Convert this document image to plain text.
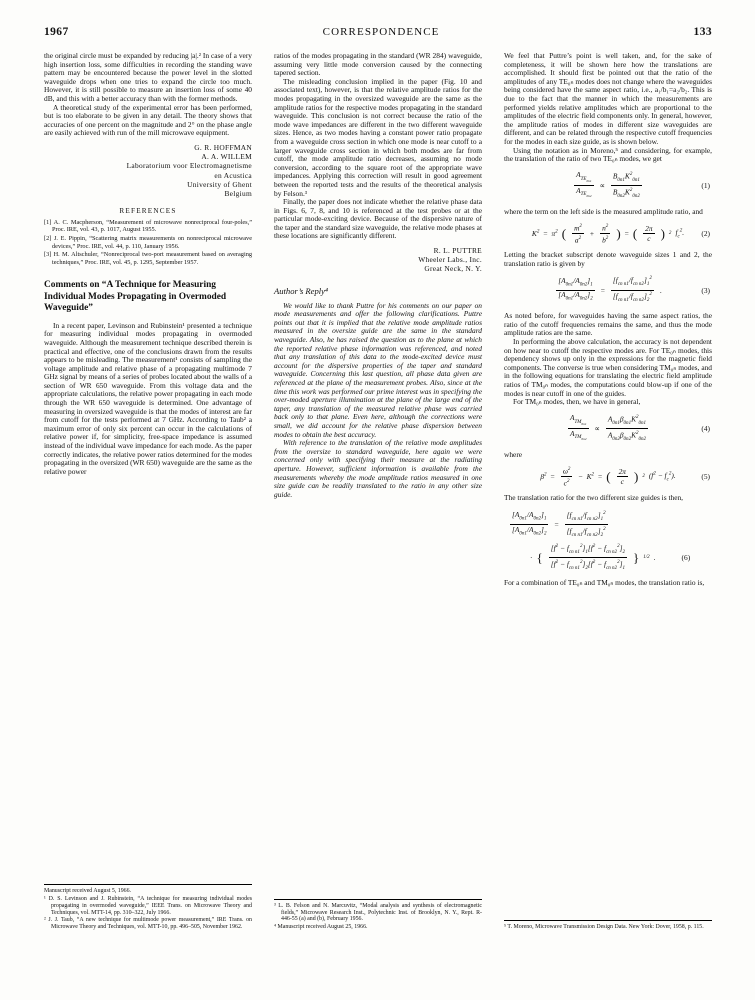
1967	CORRESPONDENCE	133

the original circle must be expanded by reducing |a|.² In case of a very high insertion loss, some difficulties in recording the standing wave pattern may be encountered because the power level in the slotted waveguide drops when one tries to expand the circle too much. However, it is still possible to measure an insertion loss of some 40 dB, and this with a better accuracy than with the former methods.

A theoretical study of the experimental error has been performed, but is too elaborate to be given in any detail. The theory shows that accuracies of one percent on the magnitude and 2° on the phase angle are easily achieved with run of the mill microwave equipment.

G. R. HOFFMAN
A. A. WILLEM
Laboratorium voor Electromagnetisme
en Acustica
University of Ghent
Belgium
REFERENCES
[1] A. C. Macpherson, “Measurement of microwave nonreciprocal four-poles,” Proc. IRE, vol. 43, p. 1017, August 1955.
[2] J. E. Pippin, “Scattering matrix measurements on nonreciprocal microwave devices,” Proc. IRE, vol. 44, p. 110, January 1956.
[3] H. M. Altschuler, “Nonreciprocal two-port measurement based on averaging techniques,” Proc. IRE, vol. 45, p. 1295, September 1957.
Comments on “A Technique for Measuring Individual Modes Propagating in Overmoded Waveguide”

In a recent paper, Levinson and Rubinstein¹ presented a technique for measuring individual modes propagating in overmoded waveguide. Although the measurement technique described therein is practical and effective, one of the conclusions drawn from the results appears to be misleading. The measurement¹ consists of sampling the voltage amplitude and relative phase of a propagating multimode 7 GHz signal by means of a series of probes located about the walls of a section of WR 650 waveguide. From this voltage data and the appropriate calculations, the relative power propagating in each mode through the WR 650 waveguide is determined. One advantage of measuring in oversized waveguide is that the modes of interest are far from cutoff for the tests performed at 7 GHz. According to Taub² a maximum error of only six percent can occur in the calculations of relative power if, for simplicity, free-space impedance is assumed instead of the individual wave impedance for each mode. As the paper correctly indicates, the relative power ratios determined for the modes propagating in the oversized (WR 650) waveguide are the same as the relative power

Manuscript received August 5, 1966.
¹ D. S. Levinson and J. Rubinstein, “A technique for measuring individual modes propagating in overmoded waveguide,” IEEE Trans. on Microwave Theory and Techniques, vol. MTT-14, pp. 310–322, July 1966.
² J. J. Taub, “A new technique for multimode power measurement,” IRE Trans. on Microwave Theory and Techniques, vol. MTT-10, pp. 496–505, November 1962.

ratios of the modes propagating in the standard (WR 284) waveguide, assuming very little mode conversion caused by the connecting tapered section.

The misleading conclusion implied in the paper (Fig. 10 and associated text), however, is that the relative amplitude ratios for the modes propagating in the oversized waveguide are the same as the amplitude ratios for the respective modes propagating in the standard waveguide. This conclusion is not correct because the ratio of the mode wave impedances are different in the two different waveguide sizes. Hence, as two modes having a constant power ratio propagate from a waveguide cross section in which one mode is near cutoff to a larger waveguide cross section in which both modes are far from cutoff, the mode amplitude ratio decreases, assuming no mode conversion, according to the square root of the appropriate wave impedances. Applying this correction will result in good agreement between the reported tests and the results of the theoretical analysis by Felson.³

Finally, the paper does not indicate whether the relative phase data in Figs. 6, 7, 8, and 10 is referenced at the test probes or at the particular mode-exciting device. Because of the dispersive nature of the taper and the standard size waveguide, the relative mode phases at these locations are significantly different.

R. L. PUTTRE
Wheeler Labs., Inc.
Great Neck, N. Y.
Author’s Reply⁴

We would like to thank Puttre for his comments on our paper on mode measurements and offer the following clarifications. Puttre points out that it is implied that the relative mode amplitude ratios measured in the oversize guide are the same in the standard waveguide. Also, he has raised the question as to the plane at which the reported relative phase information was referenced, and noted that any translation of this data to the mode-excited device must account for the dispersive properties of the taper and standard waveguide. Concerning this last question, all phase data given are referenced at the plane of the measurement probes. Also, since at the time this work was performed our prime interest was in specifying the over-moded aperture illumination at the plane of the large end of the taper, any translation of the measured relative phase was carried back only to that plane. Even here, although the corrections were small, we did account for the relative phase dispersion between modes to obtain the best accuracy.

With reference to the translation of the relative mode amplitudes from the oversize to standard waveguide, here again we were concerned only with specifying their measure at the radiating aperture. However, sufficient information is available from the measurements whereby the mode amplitude ratios measured in one size guide can be readily translated to the ratio in any other size guide.

³ L. B. Felson and N. Marcuvitz, “Modal analysis and synthesis of electromagnetic fields,” Microwave Research Inst., Polytechnic Inst. of Brooklyn, N. Y., Rept. R-446-55 (a) and (b), February 1956.
⁴ Manuscript received August 25, 1966.

We feel that Puttre’s point is well taken, and, for the sake of completeness, it will be shown here how the translations are accomplished. It should first be pointed out that the ratio of the amplitudes of any TE₀ₙ modes does not change where the waveguides being considered have the same aspect ratio, i.e., a₁/b₁=a₂/b₂. This is due to the fact that the manner in which the measurements are performed yields relative amplitudes which are proportional to the amplitudes of the electric field components only. In general, however, the amplitude ratios of modes in different size waveguides are different, and can be related through the respective cutoff frequencies for the modes in each size guide, as is shown below.

Using the notation as in Moreno,⁵ and considering, for example, the translation of the ratio of two TE₀ₙ modes, we get

$\frac{A_{TE_{0n1}}}{A_{TE_{0n2}}} \propto \frac{B_{0n1}K^2_{0n1}}{B_{0n2}K^2_{0n2}}$	(1)

where the term on the left side is the measured amplitude ratio, and

$K^2 = \pi^2$ ( $\frac{m^2}{a^2} + \frac{n^2}{b^2}$ ) = ( $\frac{2\pi}{c}$ ) 2 $f_c^2$. (2)

Letting the bracket subscript denote waveguide sizes 1 and 2, the translation ratio is given by

$\frac{[A_{0n1}/A_{0n2}]_1}{[A_{0n1}/A_{0n2}]_2} = \frac{[f_{cn n1}/f_{cn n2}]_1^2}{[f_{cn n1}/f_{cn n2}]_2^2}$ .	(3)

As noted before, for waveguides having the same aspect ratios, the ratio of the cutoff frequencies remains the same, and thus the mode amplitude ratios are the same.

In performing the above calculation, the accuracy is not dependent on how near to cutoff the respective modes are. For TE₀ₙ modes, this dependency shows up only in the expressions for the magnetic field components. The converse is true when considering TM₀ₙ modes, and in the following equations for translating the electric field amplitude ratios of TM₀ₙ modes, the computations could blow-up if one of the modes is near cutoff in one of the guides.

For TM₀ₙ modes, then, we have in general,

$\frac{A_{TM_{0n1}}}{A_{TM_{0n2}}} \propto \frac{A_{0n1}\beta_{0n1}K^2_{0n1}}{A_{0n2}\beta_{0n2}K^2_{0n2}}$	(4)

where

$\beta^2 = \frac{\omega^2}{c^2} - K^2$ = ( $\frac{2\pi}{c}$ ) 2 $(f^2 - f_c^2)$.	(5)

The translation ratio for the two different size guides is then,

$\frac{[A_{0n1}/A_{0n2}]_1}{[A_{0n1}/A_{0n2}]_2} = \frac{[f_{cn n1}/f_{cn n2}]_1^2}{[f_{cn n1}/f_{cn n2}]_2^2}$
· { $\frac{[f^2 - f_{cn n1}^2]_1[f^2 - f_{cn n2}^2]_2}{[f^2 - f_{cn n1}^2]_2[f^2 - f_{cn n2}^2]_1}$ } 1/2 .	(6)

For a combination of TE₀ₙ and TM₀ₙ modes, the translation ratio is,

⁵ T. Moreno, Microwave Transmission Design Data. New York: Dover, 1958, p. 115.
